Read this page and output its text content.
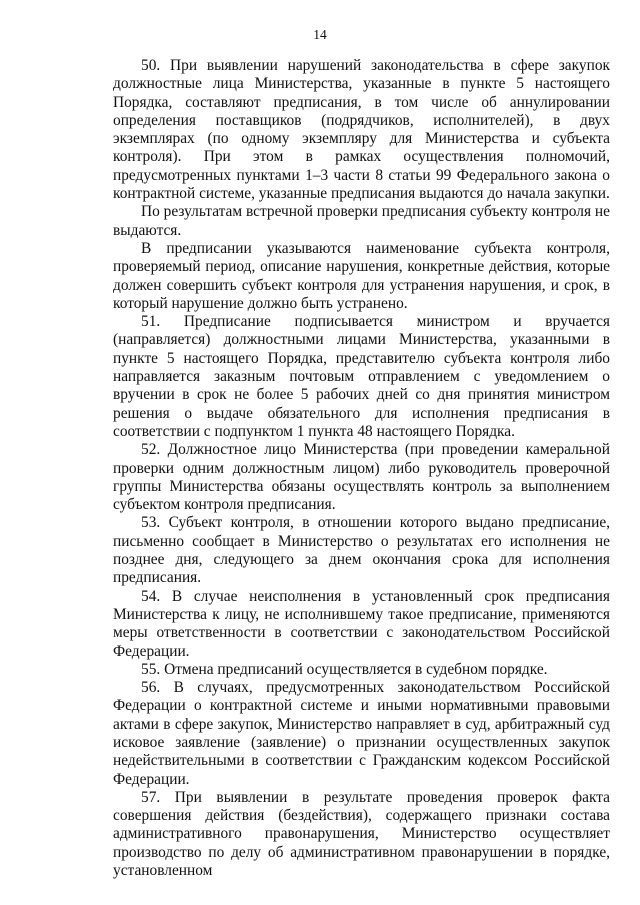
14

50. При выявлении нарушений законодательства в сфере закупок должностные лица Министерства, указанные в пункте 5 настоящего Порядка, составляют предписания, в том числе об аннулировании определения поставщиков (подрядчиков, исполнителей), в двух экземплярах (по одному экземпляру для Министерства и субъекта контроля). При этом в рамках осуществления полномочий, предусмотренных пунктами 1–3 части 8 статьи 99 Федерального закона о контрактной системе, указанные предписания выдаются до начала закупки.

По результатам встречной проверки предписания субъекту контроля не выдаются.

В предписании указываются наименование субъекта контроля, проверяемый период, описание нарушения, конкретные действия, которые должен совершить субъект контроля для устранения нарушения, и срок, в который нарушение должно быть устранено.

51. Предписание подписывается министром и вручается (направляется) должностными лицами Министерства, указанными в пункте 5 настоящего Порядка, представителю субъекта контроля либо направляется заказным почтовым отправлением с уведомлением о вручении в срок не более 5 рабочих дней со дня принятия министром решения о выдаче обязательного для исполнения предписания в соответствии с подпунктом 1 пункта 48 настоящего Порядка.

52. Должностное лицо Министерства (при проведении камеральной проверки одним должностным лицом) либо руководитель проверочной группы Министерства обязаны осуществлять контроль за выполнением субъектом контроля предписания.

53. Субъект контроля, в отношении которого выдано предписание, письменно сообщает в Министерство о результатах его исполнения не позднее дня, следующего за днем окончания срока для исполнения предписания.

54. В случае неисполнения в установленный срок предписания Министерства к лицу, не исполнившему такое предписание, применяются меры ответственности в соответствии с законодательством Российской Федерации.

55. Отмена предписаний осуществляется в судебном порядке.

56. В случаях, предусмотренных законодательством Российской Федерации о контрактной системе и иными нормативными правовыми актами в сфере закупок, Министерство направляет в суд, арбитражный суд исковое заявление (заявление) о признании осуществленных закупок недействительными в соответствии с Гражданским кодексом Российской Федерации.

57. При выявлении в результате проведения проверок факта совершения действия (бездействия), содержащего признаки состава административного правонарушения, Министерство осуществляет производство по делу об административном правонарушении в порядке, установленном
